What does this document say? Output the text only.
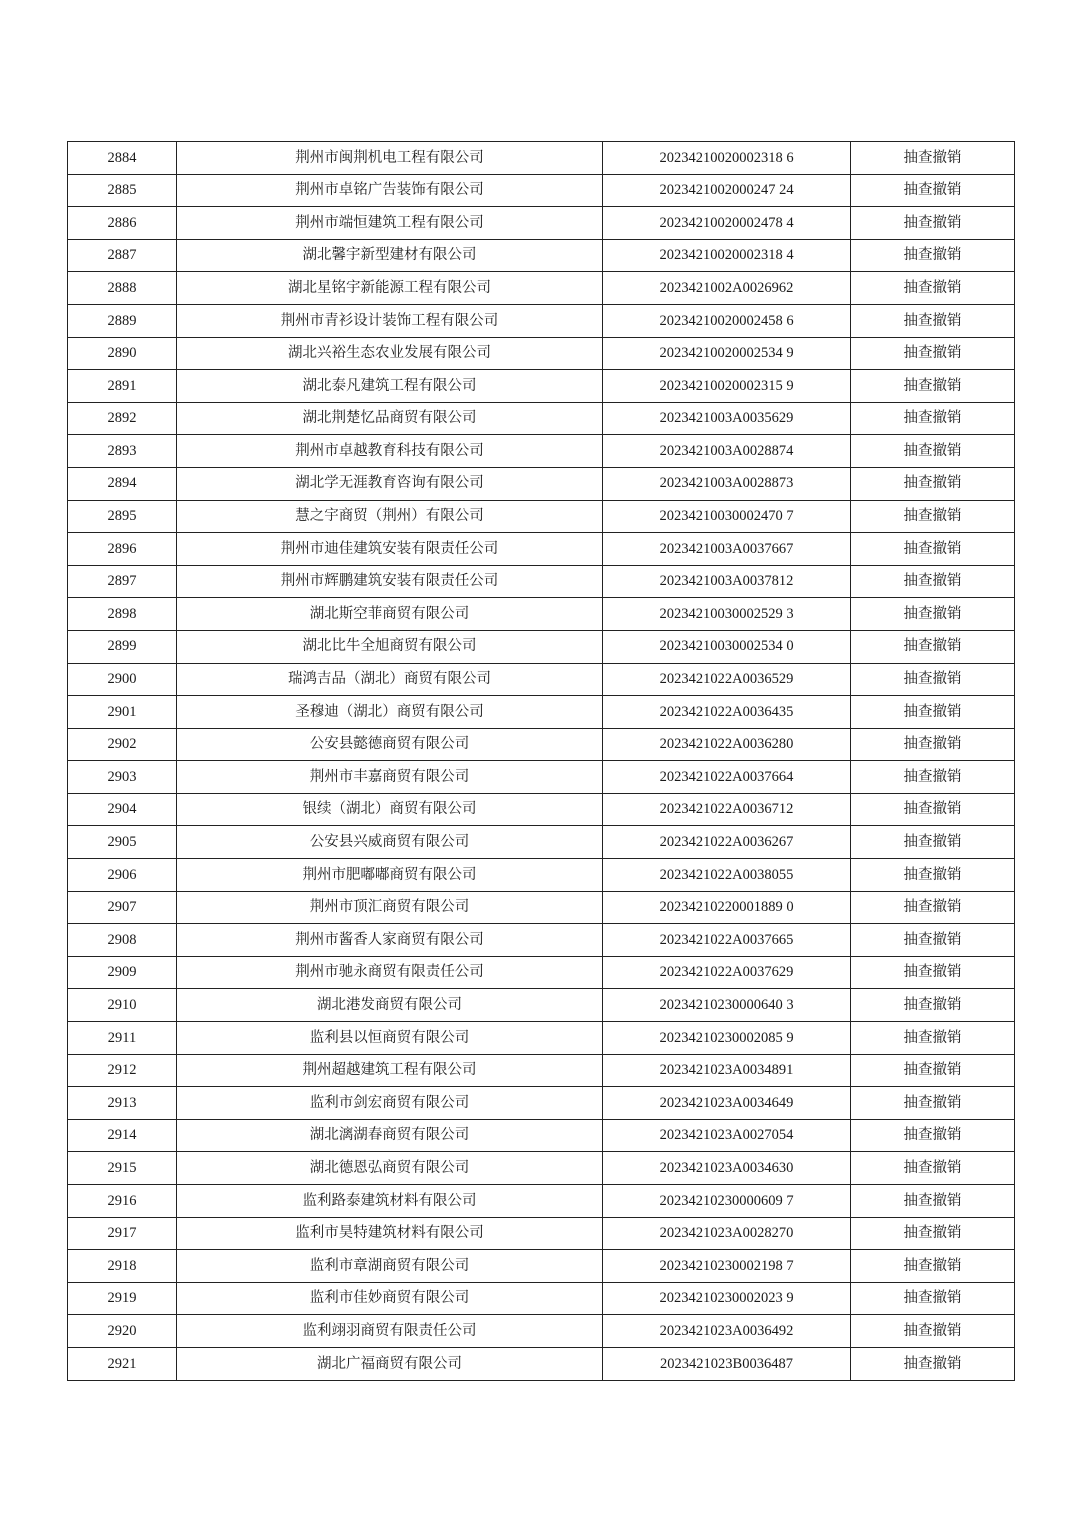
2884	荆州市闽荆机电工程有限公司	20234210020002318 6	抽查撤销
2885	荆州市卓铭广告装饰有限公司	2023421002000247 24	抽查撤销
2886	荆州市端恒建筑工程有限公司	20234210020002478 4	抽查撤销
2887	湖北馨宇新型建材有限公司	20234210020002318 4	抽查撤销
2888	湖北星铭宇新能源工程有限公司	2023421002A0026962	抽查撤销
2889	荆州市青衫设计装饰工程有限公司	20234210020002458 6	抽查撤销
2890	湖北兴裕生态农业发展有限公司	20234210020002534 9	抽查撤销
2891	湖北泰凡建筑工程有限公司	20234210020002315 9	抽查撤销
2892	湖北荆楚忆品商贸有限公司	2023421003A0035629	抽查撤销
2893	荆州市卓越教育科技有限公司	2023421003A0028874	抽查撤销
2894	湖北学无涯教育咨询有限公司	2023421003A0028873	抽查撤销
2895	慧之宇商贸（荆州）有限公司	20234210030002470 7	抽查撤销
2896	荆州市迪佳建筑安装有限责任公司	2023421003A0037667	抽查撤销
2897	荆州市辉鹏建筑安装有限责任公司	2023421003A0037812	抽查撤销
2898	湖北斯空菲商贸有限公司	20234210030002529 3	抽查撤销
2899	湖北比牛全旭商贸有限公司	20234210030002534 0	抽查撤销
2900	瑞鸿吉品（湖北）商贸有限公司	2023421022A0036529	抽查撤销
2901	圣穆迪（湖北）商贸有限公司	2023421022A0036435	抽查撤销
2902	公安县懿德商贸有限公司	2023421022A0036280	抽查撤销
2903	荆州市丰嘉商贸有限公司	2023421022A0037664	抽查撤销
2904	银续（湖北）商贸有限公司	2023421022A0036712	抽查撤销
2905	公安县兴威商贸有限公司	2023421022A0036267	抽查撤销
2906	荆州市肥嘟嘟商贸有限公司	2023421022A0038055	抽查撤销
2907	荆州市顶汇商贸有限公司	20234210220001889 0	抽查撤销
2908	荆州市酱香人家商贸有限公司	2023421022A0037665	抽查撤销
2909	荆州市驰永商贸有限责任公司	2023421022A0037629	抽查撤销
2910	湖北港发商贸有限公司	20234210230000640 3	抽查撤销
2911	监利县以恒商贸有限公司	20234210230002085 9	抽查撤销
2912	荆州超越建筑工程有限公司	2023421023A0034891	抽查撤销
2913	监利市剑宏商贸有限公司	2023421023A0034649	抽查撤销
2914	湖北漓湖春商贸有限公司	2023421023A0027054	抽查撤销
2915	湖北德恩弘商贸有限公司	2023421023A0034630	抽查撤销
2916	监利路泰建筑材料有限公司	20234210230000609 7	抽查撤销
2917	监利市昊特建筑材料有限公司	2023421023A0028270	抽查撤销
2918	监利市章湖商贸有限公司	20234210230002198 7	抽查撤销
2919	监利市佳妙商贸有限公司	20234210230002023 9	抽查撤销
2920	监利翊羽商贸有限责任公司	2023421023A0036492	抽查撤销
2921	湖北广福商贸有限公司	2023421023B0036487	抽查撤销
